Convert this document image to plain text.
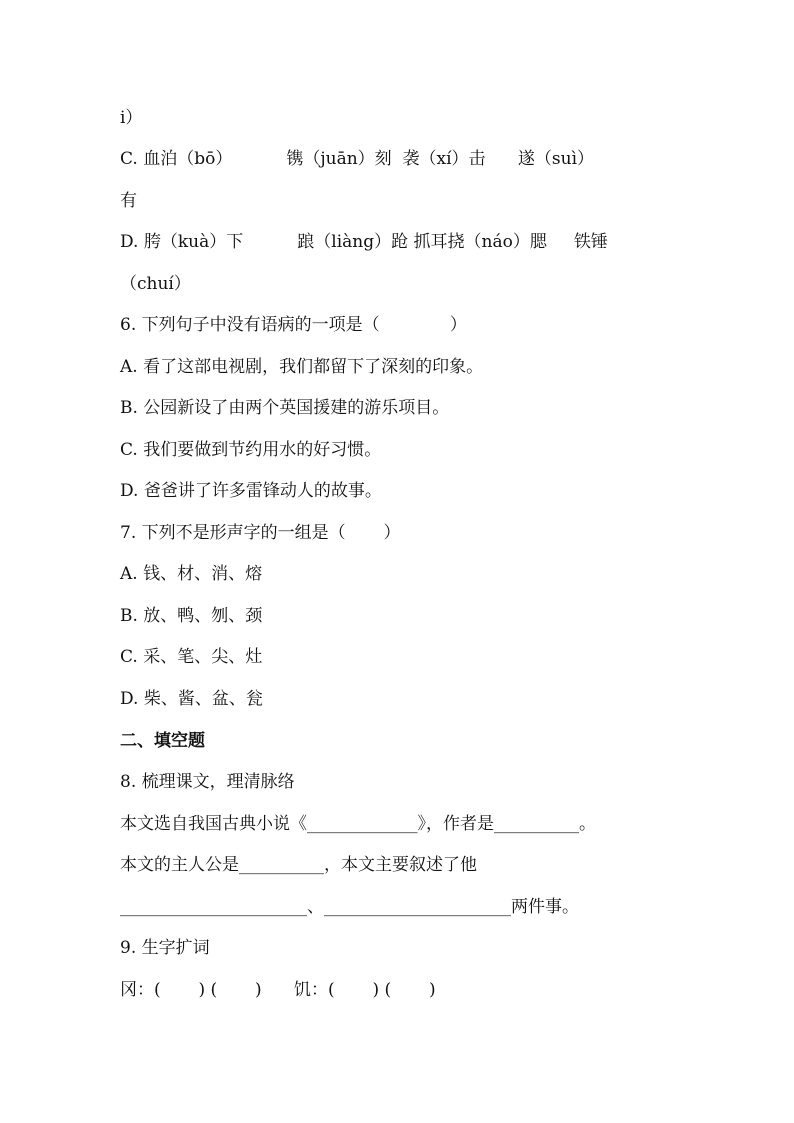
i）
C. 血泊（bō）          镌（juān）刻  袭（xí）击      遂（suì）
有
D. 胯（kuà）下          踉（liàng）跄 抓耳挠（náo）腮     铁锤
（chuí）
6. 下列句子中没有语病的一项是（             ）
A. 看了这部电视剧，我们都留下了深刻的印象。
B. 公园新设了由两个英国援建的游乐项目。
C. 我们要做到节约用水的好习惯。
D. 爸爸讲了许多雷锋动人的故事。
7. 下列不是形声字的一组是（       ）
A. 钱、材、消、熔
B. 放、鸭、刎、颈
C. 采、笔、尖、灶
D. 柴、酱、盆、瓮
二、填空题
8. 梳理课文，理清脉络
本文选自我国古典小说《_____________》，作者是__________。
本文的主人公是__________，本文主要叙述了他
______________________、______________________两件事。
9. 生字扩词
冈：(       ) (       )      饥：(       ) (       )
